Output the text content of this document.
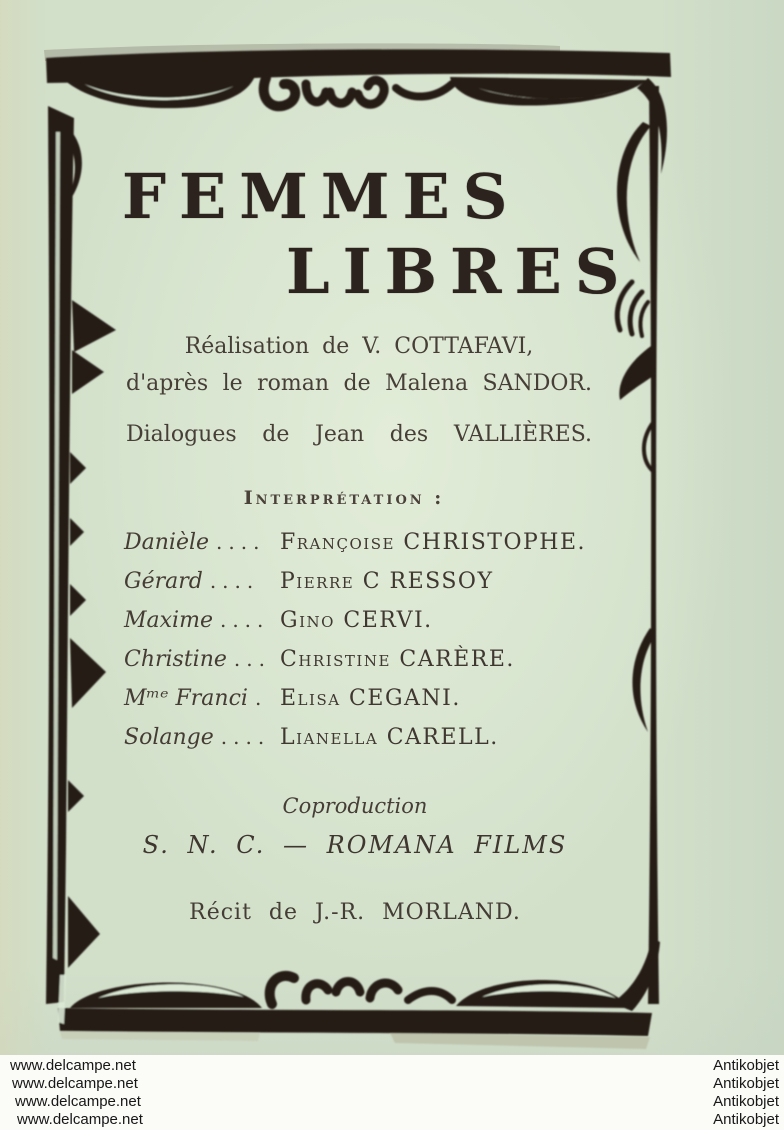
FEMMES
LIBRES
Réalisation de V. COTTAFAVI,
d'après le roman de Malena SANDOR.
Dialogues de Jean des VALLIÈRES.
Interprétation :
Danièle .... Françoise CHRISTOPHE.
Gérard .... Pierre C RESSOY
Maxime .... Gino CERVI.
Christine ... Christine CARÈRE.
Mᵐᵉ Franci . Elisa CEGANI.
Solange .... Lianella CARELL.
Coproduction
S. N. C. — ROMANA FILMS
Récit de J.-R. MORLAND.
www.delcampe.net	Antikobjet
www.delcampe.net	Antikobjet
www.delcampe.net	Antikobjet
www.delcampe.net	Antikobjet
